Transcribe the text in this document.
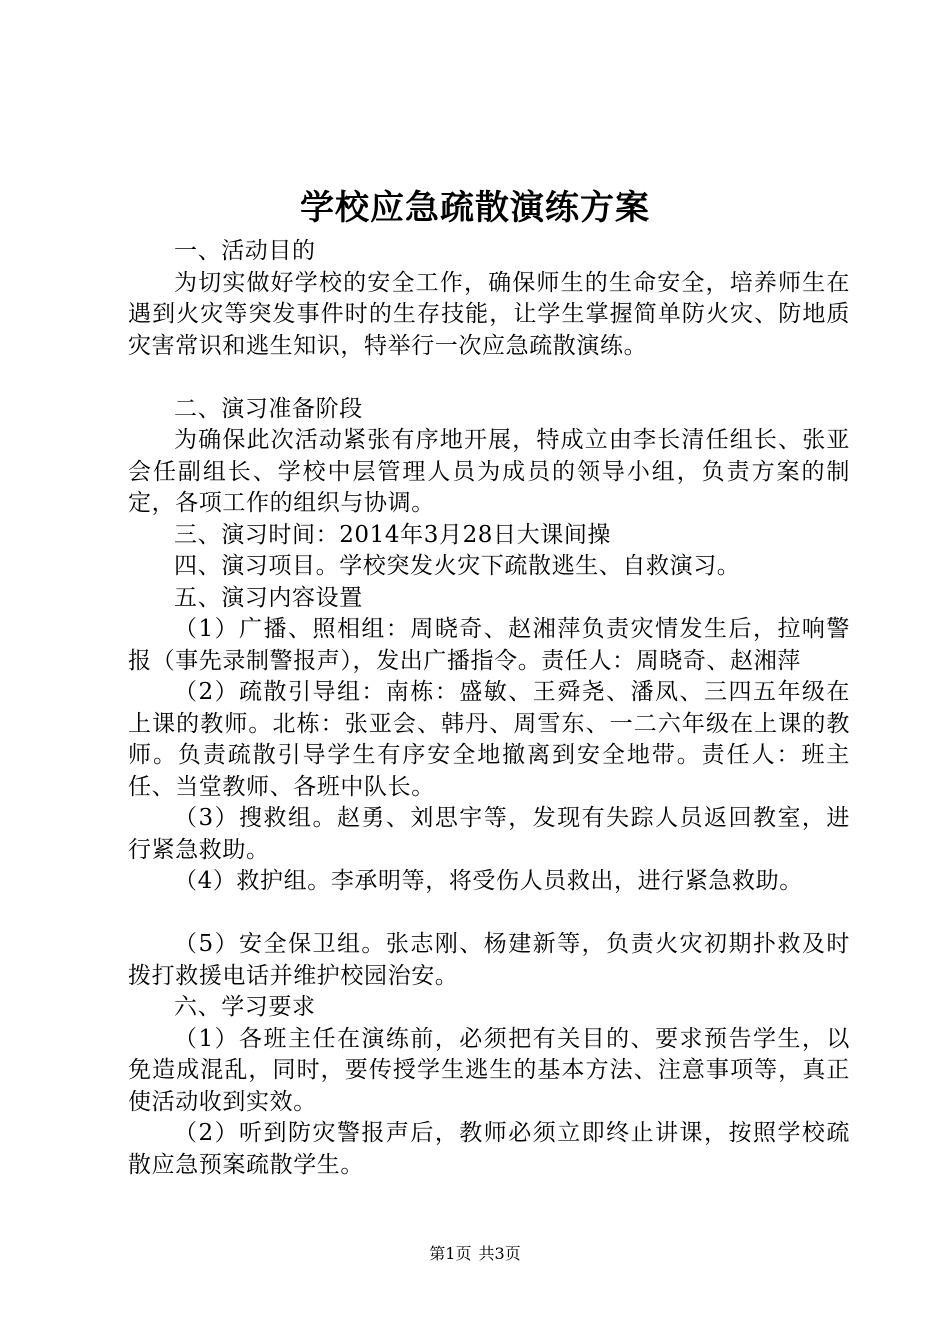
学校应急疏散演练方案

一、活动目的

为切实做好学校的安全工作，确保师生的生命安全，培养师生在遇到火灾等突发事件时的生存技能，让学生掌握简单防火灾、防地质灾害常识和逃生知识，特举行一次应急疏散演练。

二、演习准备阶段

为确保此次活动紧张有序地开展，特成立由李长清任组长、张亚会任副组长、学校中层管理人员为成员的领导小组，负责方案的制定，各项工作的组织与协调。

三、演习时间：2014年3月28日大课间操

四、演习项目。学校突发火灾下疏散逃生、自救演习。

五、演习内容设置

（1）广播、照相组：周晓奇、赵湘萍负责灾情发生后，拉响警报（事先录制警报声），发出广播指令。责任人：周晓奇、赵湘萍

（2）疏散引导组：南栋：盛敏、王舜尧、潘凤、三四五年级在上课的教师。北栋：张亚会、韩丹、周雪东、一二六年级在上课的教师。负责疏散引导学生有序安全地撤离到安全地带。责任人：班主任、当堂教师、各班中队长。

（3）搜救组。赵勇、刘思宇等，发现有失踪人员返回教室，进行紧急救助。

（4）救护组。李承明等，将受伤人员救出，进行紧急救助。

（5）安全保卫组。张志刚、杨建新等，负责火灾初期扑救及时拨打救援电话并维护校园治安。

六、学习要求

（1）各班主任在演练前，必须把有关目的、要求预告学生，以免造成混乱，同时，要传授学生逃生的基本方法、注意事项等，真正使活动收到实效。

（2）听到防灾警报声后，教师必须立即终止讲课，按照学校疏散应急预案疏散学生。

第1页 共3页
